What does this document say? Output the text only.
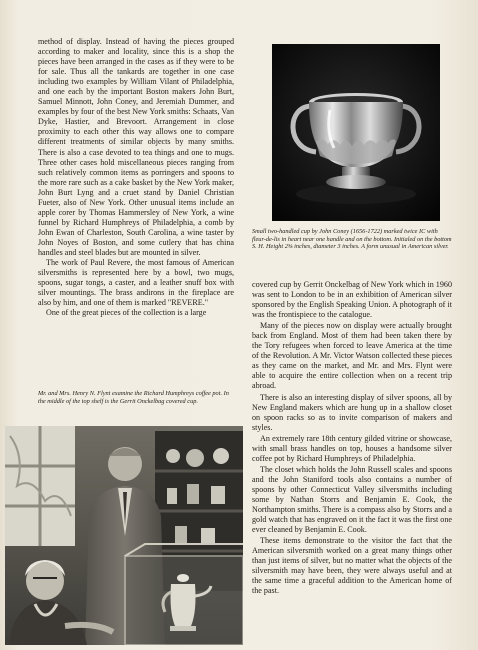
method of display. Instead of having the pieces grouped according to maker and locality, since this is a shop the pieces have been arranged in the cases as if they were to be for sale. Thus all the tankards are together in one case including two examples by William Vilant of Philadelphia, and one each by the important Boston makers John Burt, Samuel Minnott, John Coney, and Jeremiah Dummer, and examples by four of the best New York smiths: Schaats, Van Dyke, Hastier, and Brevoort. Arrangement in close proximity to each other this way allows one to compare different treatments of similar objects by many smiths. There is also a case devoted to tea things and one to mugs. Three other cases hold miscellaneous pieces ranging from such relatively common items as porringers and spoons to the more rare such as a cake basket by the New York maker, John Burt Lyng and a cruet stand by Daniel Christian Fueter, also of New York. Other unusual items include an apple corer by Thomas Hammersley of New York, a wine funnel by Richard Humphreys of Philadelphia, a comb by John Ewan of Charleston, South Carolina, a wine taster by John Noyes of Boston, and some cutlery that has china handles and steel blades but are mounted in silver.

The work of Paul Revere, the most famous of American silversmiths is represented here by a bowl, two mugs, spoons, sugar tongs, a caster, and a leather snuff box with silver mountings. The brass andirons in the fireplace are also by him, and one of them is marked "REVERE."

One of the great pieces of the collection is a large

Mr. and Mrs. Henry N. Flynt examine the Richard Humphreys coffee pot. In the middle of the top shelf is the Gerrit Onckelbag covered cup.
Small two-handled cup by John Coney (1656-1722) marked twice IC with fleur-de-lis in heart near one handle and on the bottom. Initialed on the bottom S. H. Height 2⅝ inches, diameter 3 inches. A form unusual in American silver.

covered cup by Gerrit Onckelbag of New York which in 1960 was sent to London to be in an exhibition of American silver sponsored by the English Speaking Union. A photograph of it was the frontispiece to the catalogue.

Many of the pieces now on display were actually brought back from England. Most of them had been taken there by the Tory refugees when forced to leave America at the time of the Revolution. A Mr. Victor Watson collected these pieces as they came on the market, and Mr. and Mrs. Flynt were able to acquire the entire collection when on a recent trip abroad.

There is also an interesting display of silver spoons, all by New England makers which are hung up in a shallow closet on spoon racks so as to invite comparison of makers and styles.

An extremely rare 18th century gilded vitrine or showcase, with small brass handles on top, houses a handsome silver coffee pot by Richard Humphreys of Philadelphia.

The closet which holds the John Russell scales and spoons and the John Staniford tools also contains a number of spoons by other Connecticut Valley silversmiths including some by Nathan Storrs and Benjamin E. Cook, the Northampton smiths. There is a compass also by Storrs and a gold watch that has engraved on it the fact it was the first one ever cleaned by Benjamin E. Cook.

These items demonstrate to the visitor the fact that the American silversmith worked on a great many things other than just items of silver, but no matter what the objects of the silversmith may have been, they were always useful and at the same time a graceful addition to the American home of the past.
